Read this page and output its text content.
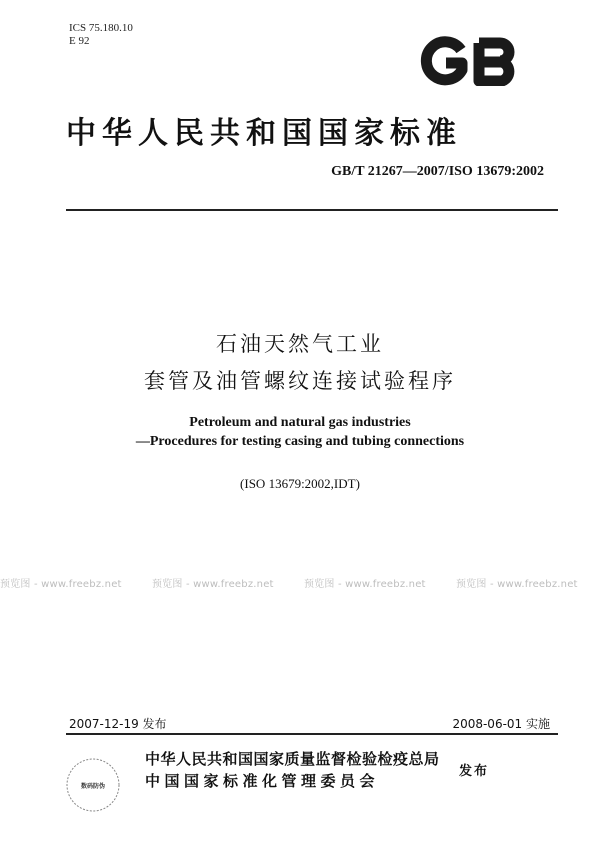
ICS 75.180.10
E 92	GB
中华人民共和国国家标准
GB/T 21267—2007/ISO 13679:2002
石油天然气工业
套管及油管螺纹连接试验程序
Petroleum and natural gas industries
—Procedures for testing casing and tubing connections
(ISO 13679:2002,IDT)
预览图 - www.freebz.net	预览图 - www.freebz.net	预览图 - www.freebz.net	预览图 - www.freebz.net
2007-12-19 发布	2008-06-01 实施
数码防伪
中华人民共和国国家质量监督检验检疫总局
中国国家标准化管理委员会
发布
